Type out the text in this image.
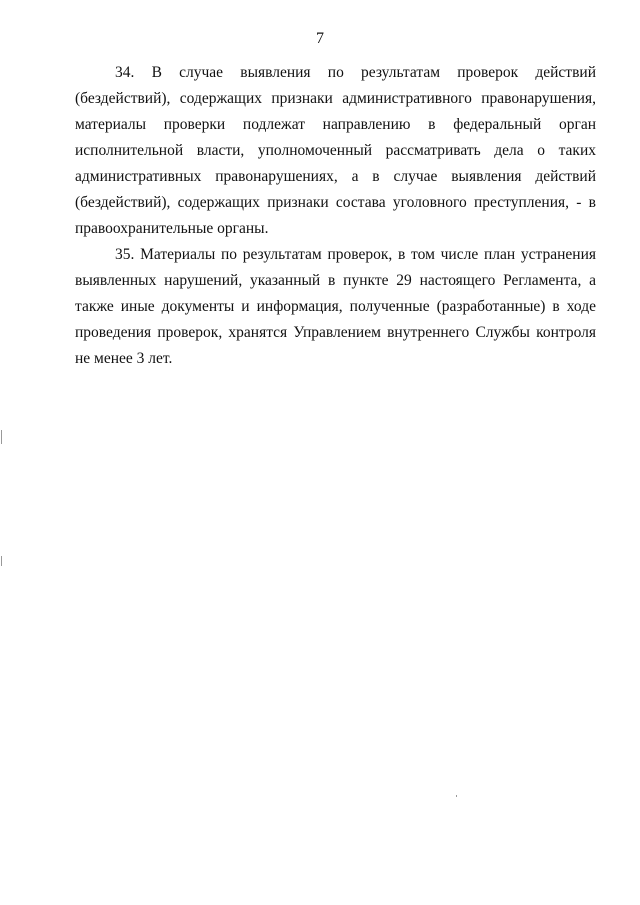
7

34. В случае выявления по результатам проверок действий (бездействий), содержащих признаки административного правонарушения, материалы проверки подлежат направлению в федеральный орган исполнительной власти, уполномоченный рассматривать дела о таких административных правонарушениях, а в случае выявления действий (бездействий), содержащих признаки состава уголовного преступления, - в правоохранительные органы.

35. Материалы по результатам проверок, в том числе план устранения выявленных нарушений, указанный в пункте 29 настоящего Регламента, а также иные документы и информация, полученные (разработанные) в ходе проведения проверок, хранятся Управлением внутреннего Службы контроля не менее 3 лет.
